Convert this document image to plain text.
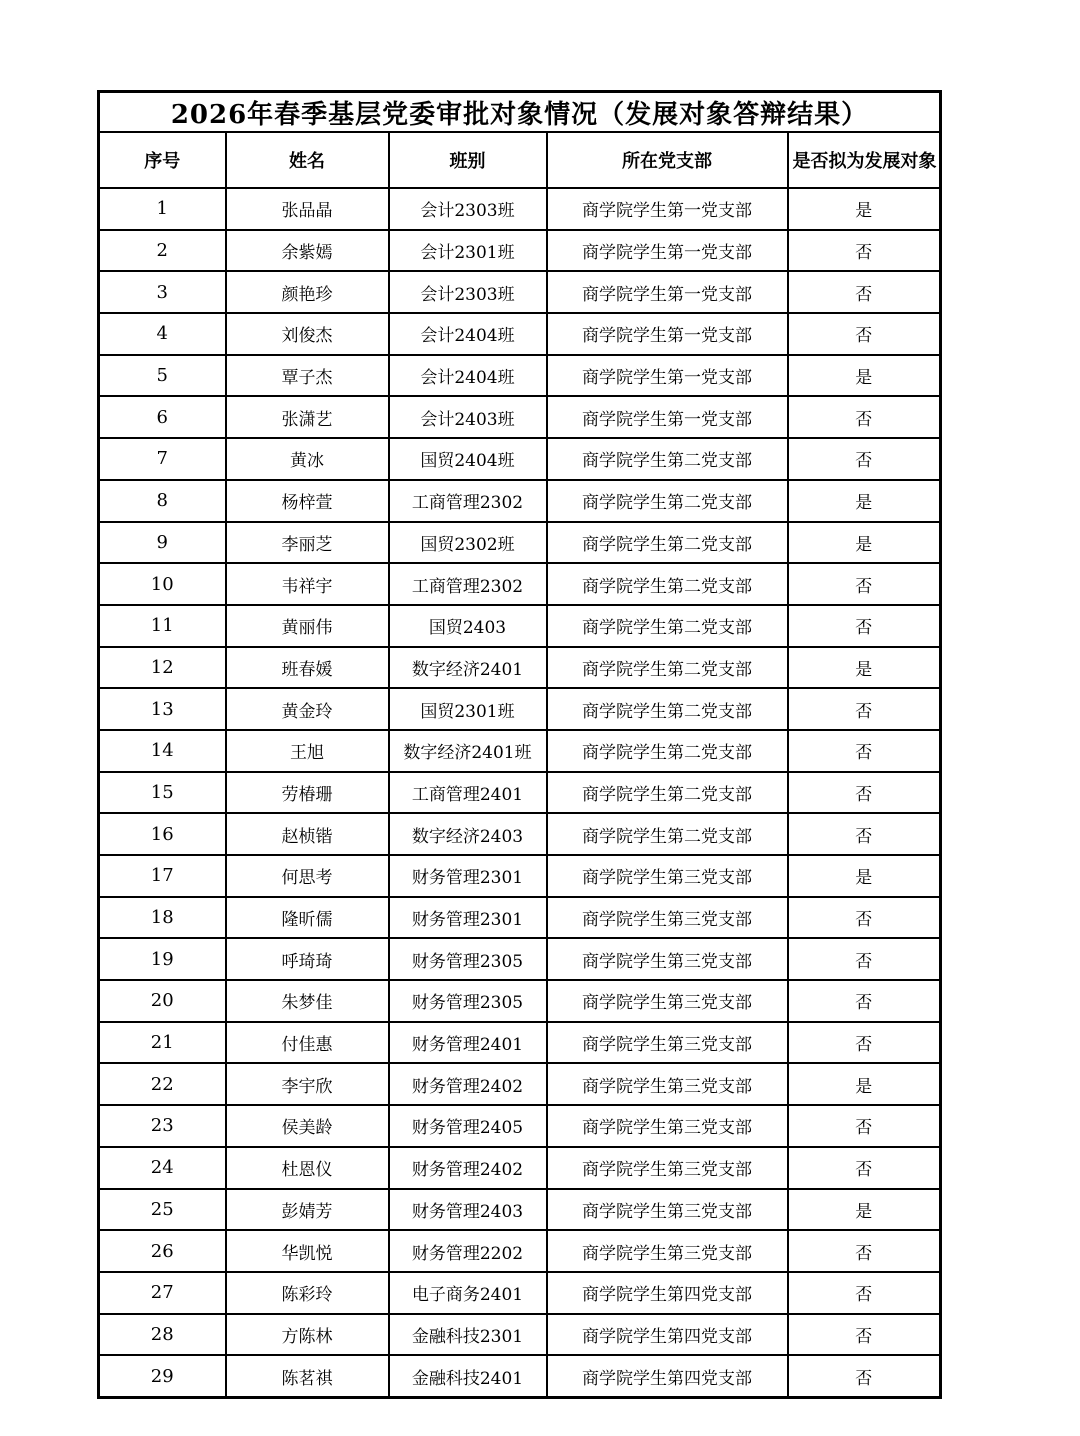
2026年春季基层党委审批对象情况（发展对象答辩结果）				
序号	姓名	班别	所在党支部	是否拟为发展对象
1	张品晶	会计2303班	商学院学生第一党支部	是
2	余紫嫣	会计2301班	商学院学生第一党支部	否
3	颜艳珍	会计2303班	商学院学生第一党支部	否
4	刘俊杰	会计2404班	商学院学生第一党支部	否
5	覃子杰	会计2404班	商学院学生第一党支部	是
6	张潇艺	会计2403班	商学院学生第一党支部	否
7	黄冰	国贸2404班	商学院学生第二党支部	否
8	杨梓萱	工商管理2302	商学院学生第二党支部	是
9	李丽芝	国贸2302班	商学院学生第二党支部	是
10	韦祥宇	工商管理2302	商学院学生第二党支部	否
11	黄丽伟	国贸2403	商学院学生第二党支部	否
12	班春媛	数字经济2401	商学院学生第二党支部	是
13	黄金玲	国贸2301班	商学院学生第二党支部	否
14	王旭	数字经济2401班	商学院学生第二党支部	否
15	劳椿珊	工商管理2401	商学院学生第二党支部	否
16	赵桢锴	数字经济2403	商学院学生第二党支部	否
17	何思考	财务管理2301	商学院学生第三党支部	是
18	隆昕儒	财务管理2301	商学院学生第三党支部	否
19	呼琦琦	财务管理2305	商学院学生第三党支部	否
20	朱梦佳	财务管理2305	商学院学生第三党支部	否
21	付佳惠	财务管理2401	商学院学生第三党支部	否
22	李宇欣	财务管理2402	商学院学生第三党支部	是
23	侯美龄	财务管理2405	商学院学生第三党支部	否
24	杜恩仪	财务管理2402	商学院学生第三党支部	否
25	彭婧芳	财务管理2403	商学院学生第三党支部	是
26	华凯悦	财务管理2202	商学院学生第三党支部	否
27	陈彩玲	电子商务2401	商学院学生第四党支部	否
28	方陈林	金融科技2301	商学院学生第四党支部	否
29	陈茗祺	金融科技2401	商学院学生第四党支部	否
